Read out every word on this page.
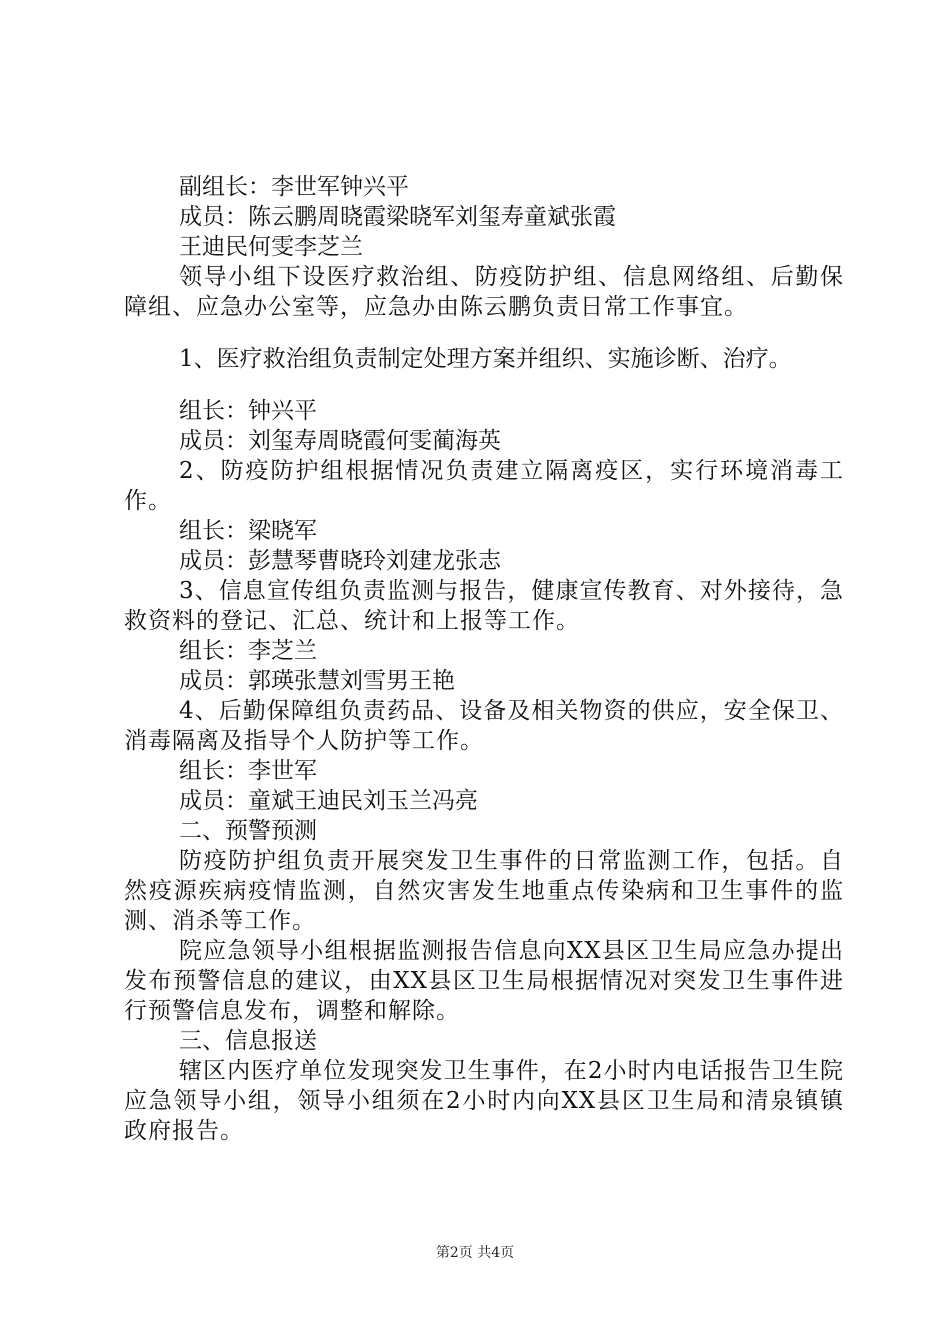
副组长：李世军钟兴平
成员：陈云鹏周晓霞梁晓军刘玺寿童斌张霞
王迪民何雯李芝兰
领导小组下设医疗救治组、防疫防护组、信息网络组、后勤保障组、应急办公室等，应急办由陈云鹏负责日常工作事宜。
1、医疗救治组负责制定处理方案并组织、实施诊断、治疗。
组长：钟兴平
成员：刘玺寿周晓霞何雯蔺海英
2、防疫防护组根据情况负责建立隔离疫区，实行环境消毒工作。
组长：梁晓军
成员：彭慧琴曹晓玲刘建龙张志
3、信息宣传组负责监测与报告，健康宣传教育、对外接待，急救资料的登记、汇总、统计和上报等工作。
组长：李芝兰
成员：郭瑛张慧刘雪男王艳
4、后勤保障组负责药品、设备及相关物资的供应，安全保卫、消毒隔离及指导个人防护等工作。
组长：李世军
成员：童斌王迪民刘玉兰冯亮
二、预警预测
防疫防护组负责开展突发卫生事件的日常监测工作，包括。自然疫源疾病疫情监测，自然灾害发生地重点传染病和卫生事件的监测、消杀等工作。
院应急领导小组根据监测报告信息向XX县区卫生局应急办提出发布预警信息的建议，由XX县区卫生局根据情况对突发卫生事件进行预警信息发布，调整和解除。
三、信息报送
辖区内医疗单位发现突发卫生事件，在2小时内电话报告卫生院应急领导小组，领导小组须在2小时内向XX县区卫生局和清泉镇镇政府报告。
第2页 共4页
